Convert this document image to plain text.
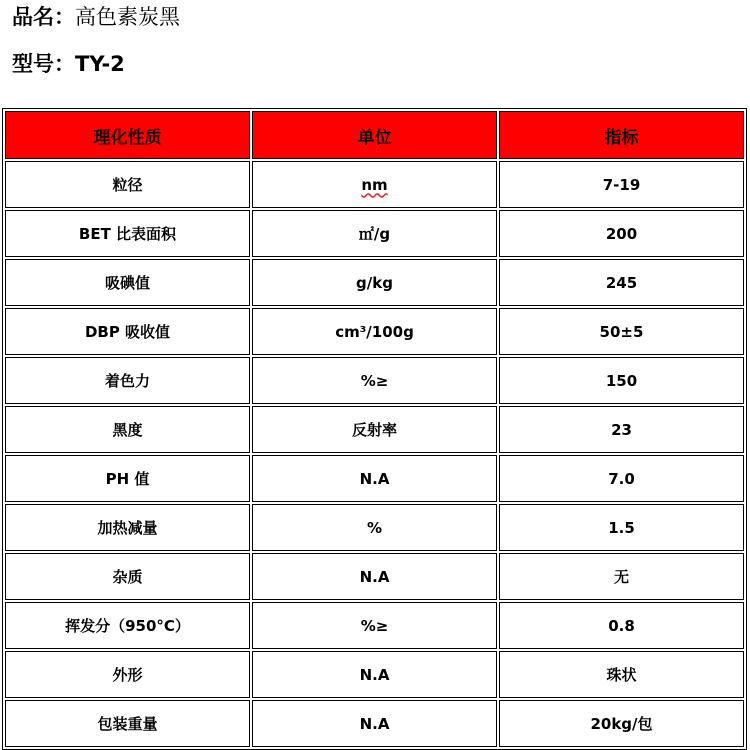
品名：高色素炭黑
型号：TY-2
理化性质	单位	指标
粒径	nm	7-19
BET 比表面积	㎡/g	200
吸碘值	g/kg	245
DBP 吸收值	cm³/100g	50±5
着色力	%≥	150
黑度	反射率	23
PH 值	N.A	7.0
加热减量	%	1.5
杂质	N.A	无
挥发分（950°C）	%≥	0.8
外形	N.A	珠状
包装重量	N.A	20kg/包
